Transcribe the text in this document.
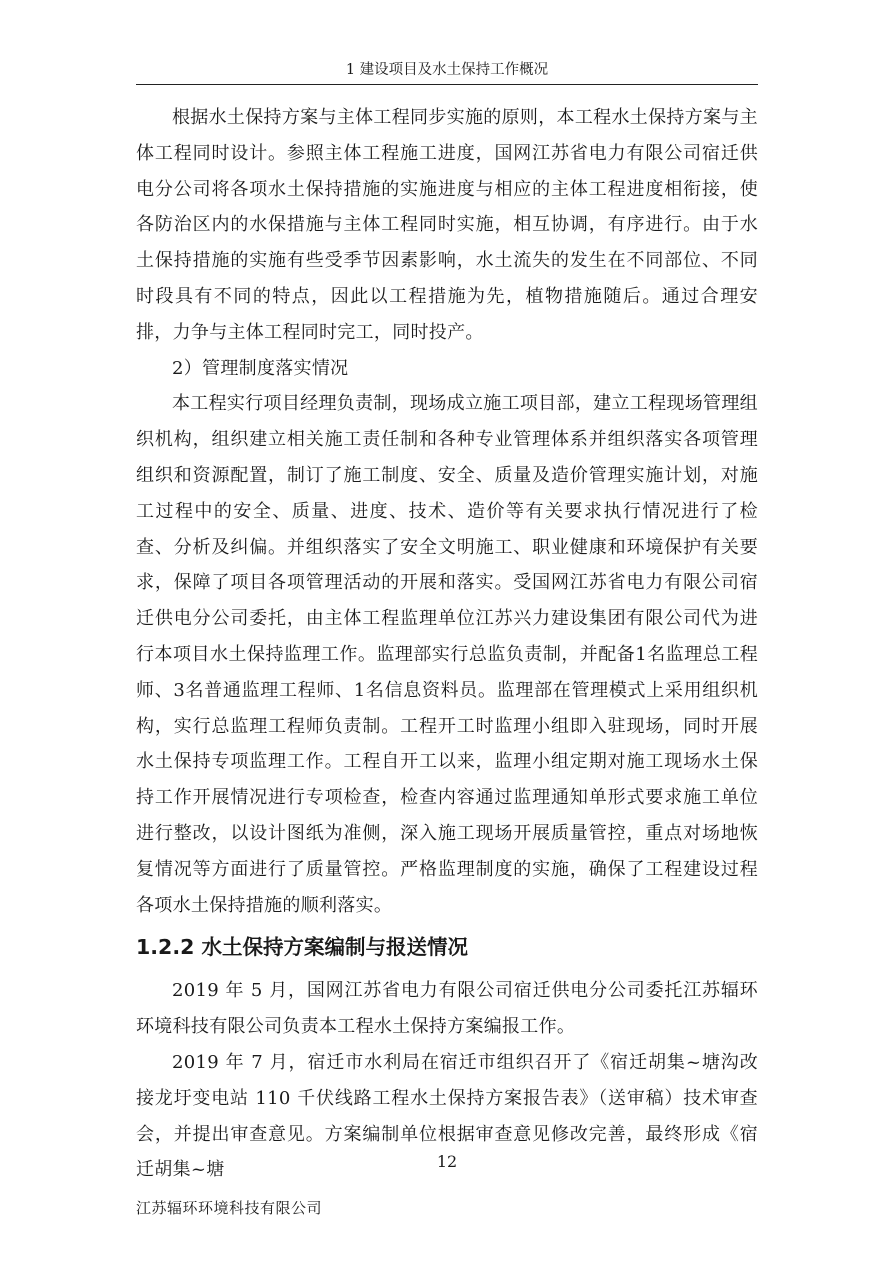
1 建设项目及水土保持工作概况

根据水土保持方案与主体工程同步实施的原则，本工程水土保持方案与主体工程同时设计。参照主体工程施工进度，国网江苏省电力有限公司宿迁供电分公司将各项水土保持措施的实施进度与相应的主体工程进度相衔接，使各防治区内的水保措施与主体工程同时实施，相互协调，有序进行。由于水土保持措施的实施有些受季节因素影响，水土流失的发生在不同部位、不同时段具有不同的特点，因此以工程措施为先，植物措施随后。通过合理安排，力争与主体工程同时完工，同时投产。

2）管理制度落实情况

本工程实行项目经理负责制，现场成立施工项目部，建立工程现场管理组织机构，组织建立相关施工责任制和各种专业管理体系并组织落实各项管理组织和资源配置，制订了施工制度、安全、质量及造价管理实施计划，对施工过程中的安全、质量、进度、技术、造价等有关要求执行情况进行了检查、分析及纠偏。并组织落实了安全文明施工、职业健康和环境保护有关要求，保障了项目各项管理活动的开展和落实。受国网江苏省电力有限公司宿迁供电分公司委托，由主体工程监理单位江苏兴力建设集团有限公司代为进行本项目水土保持监理工作。监理部实行总监负责制，并配备1名监理总工程师、3名普通监理工程师、1名信息资料员。监理部在管理模式上采用组织机构，实行总监理工程师负责制。工程开工时监理小组即入驻现场，同时开展水土保持专项监理工作。工程自开工以来，监理小组定期对施工现场水土保持工作开展情况进行专项检查，检查内容通过监理通知单形式要求施工单位进行整改，以设计图纸为准侧，深入施工现场开展质量管控，重点对场地恢复情况等方面进行了质量管控。严格监理制度的实施，确保了工程建设过程各项水土保持措施的顺利落实。

1.2.2 水土保持方案编制与报送情况

2019 年 5 月，国网江苏省电力有限公司宿迁供电分公司委托江苏辐环环境科技有限公司负责本工程水土保持方案编报工作。

2019 年 7 月，宿迁市水利局在宿迁市组织召开了《宿迁胡集~塘沟改接龙圩变电站 110 千伏线路工程水土保持方案报告表》（送审稿）技术审查会，并提出审查意见。方案编制单位根据审查意见修改完善，最终形成《宿迁胡集~塘	12
江苏辐环环境科技有限公司
